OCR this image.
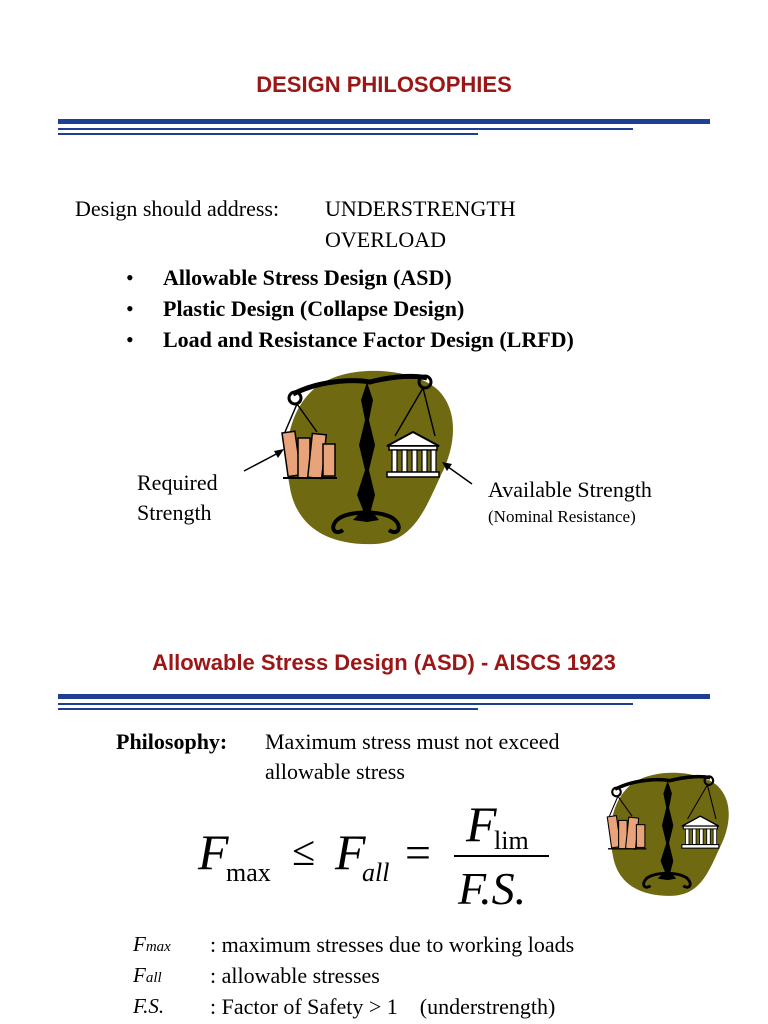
DESIGN PHILOSOPHIES
Design should address: UNDERSTRENGTH
OVERLOAD
• Allowable Stress Design (ASD)
• Plastic Design (Collapse Design)
• Load and Resistance Factor Design (LRFD)
Required
Strength
Available Strength
(Nominal Resistance)
Allowable Stress Design (ASD) - AISCS 1923
Philosophy: Maximum stress must not exceed
allowable stress
F
max ≤ F
all =
F
lim
F.S.
Fmax : maximum stresses due to working loads
Fall : allowable stresses
F.S. : Factor of Safety > 1    (understrength)
